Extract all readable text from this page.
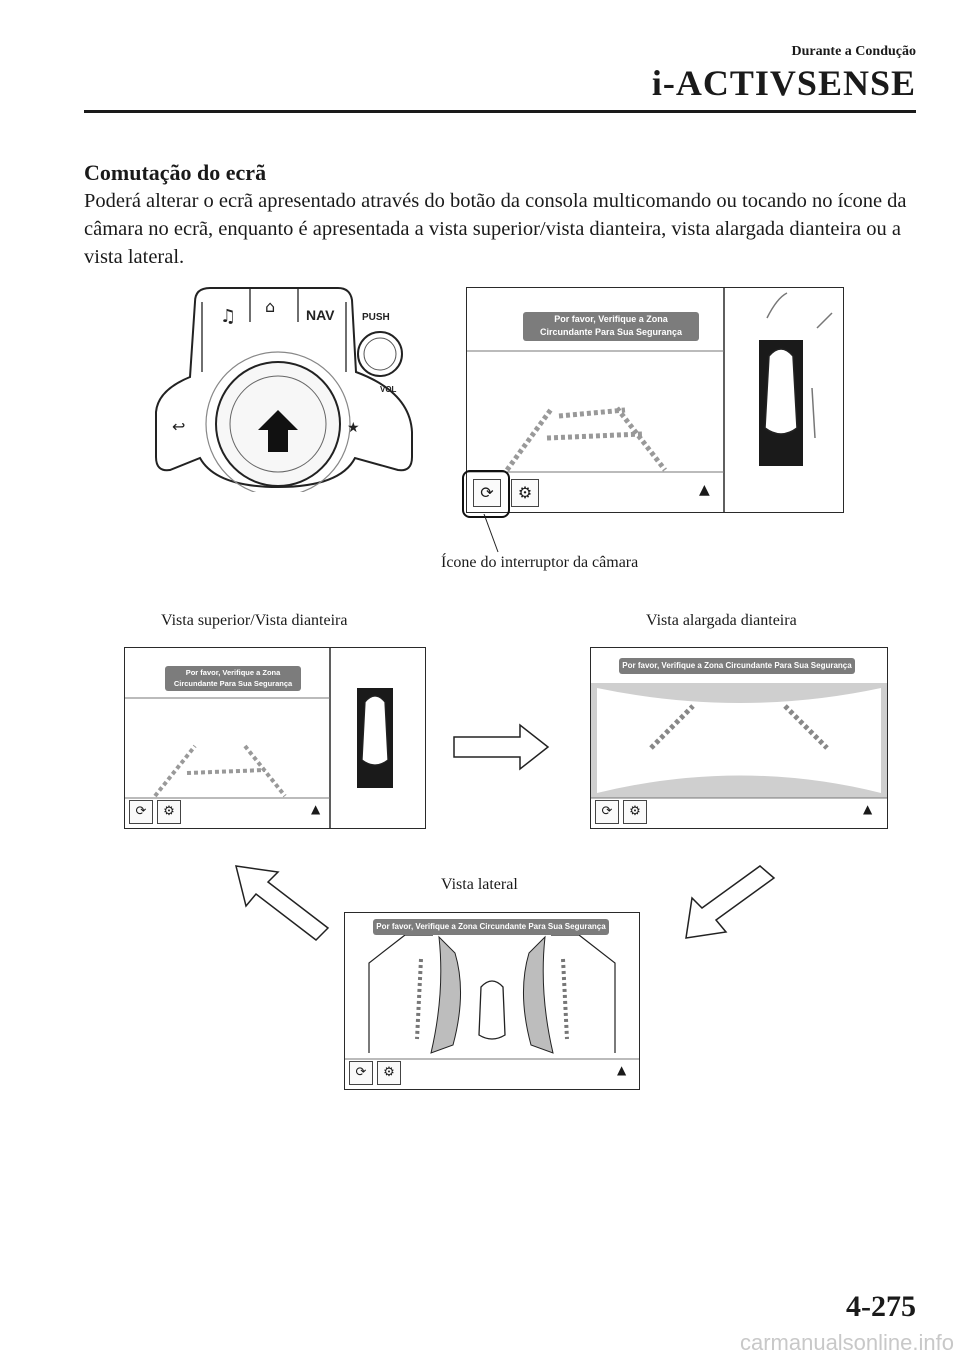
Durante a Condução
i-ACTIVSENSE
Comutação do ecrã
Poderá alterar o ecrã apresentado através do botão da consola multicomando ou tocando no ícone da câmara no ecrã, enquanto é apresentada a vista superior/vista dianteira, vista alargada dianteira ou a vista lateral.
♫ ⌂ NAV
↩	★
PUSH
VOL
Por favor, Verifique a Zona
Circundante Para Sua Segurança
⟳	⚙	▲
Ícone do interruptor da câmara
Vista superior/Vista dianteira	Vista alargada dianteira
Por favor, Verifique a Zona
Circundante Para Sua Segurança
⟳	⚙	▲
Por favor, Verifique a Zona Circundante Para Sua Segurança
⟳	⚙	▲
Vista lateral
Por favor, Verifique a Zona Circundante Para Sua Segurança
⟳	⚙	▲
4-275
carmanualsonline.info
